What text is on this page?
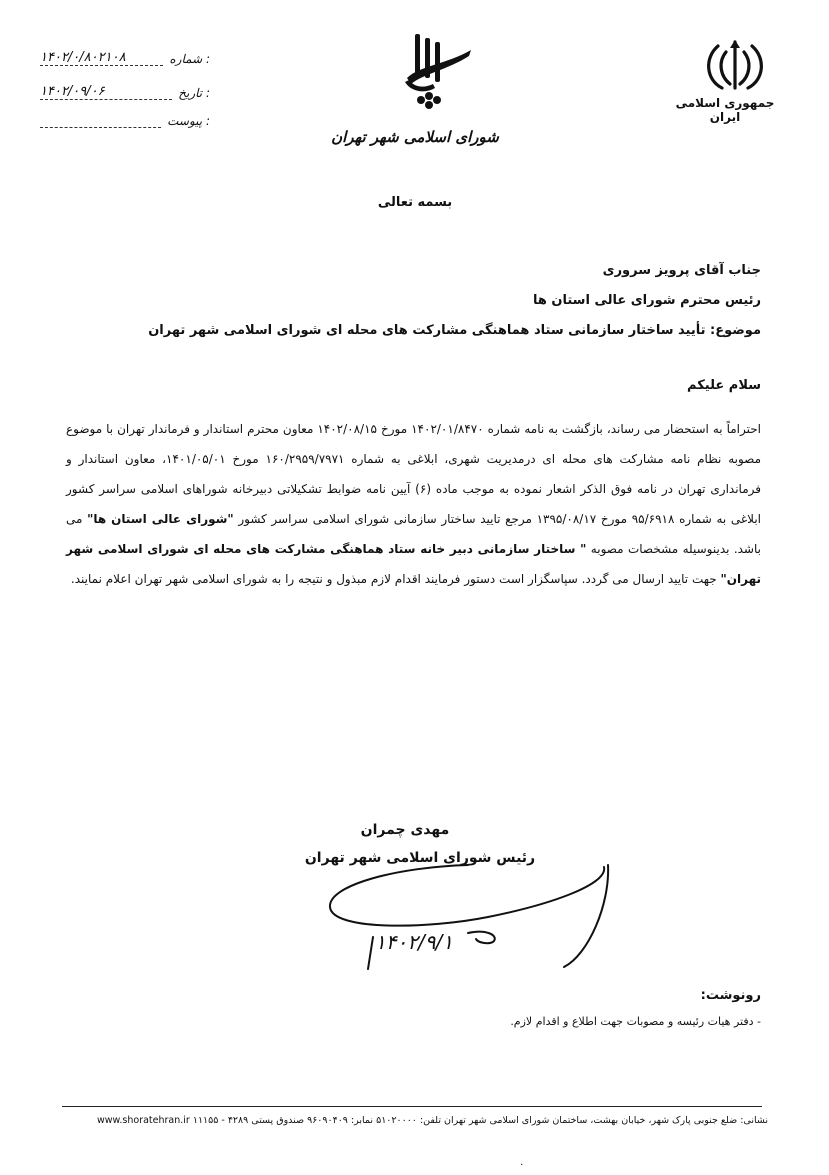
جمهوری اسلامی ایران
شورای اسلامی شهر تهران
شماره :
۱۴۰۲/۰/۸۰۲۱۰۸
تاریخ :
۱۴۰۲/۰۹/۰۶
پیوست :
بسمه تعالی
جناب آقای پرویز سروری
رئیس محترم شورای عالی استان ها
موضوع: تأیید ساختار سازمانی ستاد هماهنگی مشارکت های محله ای شورای اسلامی شهر تهران
سلام علیکم
احتراماً به استحضار می رساند، بازگشت به نامه شماره ۱۴۰۲/۰۱/۸۴۷۰ مورخ ۱۴۰۲/۰۸/۱۵ معاون محترم استاندار و فرماندار تهران با موضوع مصوبه نظام نامه مشارکت های محله ای درمدیریت شهری، ابلاغی به شماره ۱۶۰/۲۹۵۹/۷۹۷۱ مورخ ۱۴۰۱/۰۵/۰۱، معاون استاندار و فرمانداری تهران در نامه فوق الذکر اشعار نموده به موجب ماده (۶) آیین نامه ضوابط تشکیلاتی دبیرخانه شوراهای اسلامی سراسر کشور ابلاغی به شماره ۹۵/۶۹۱۸ مورخ ۱۳۹۵/۰۸/۱۷ مرجع تایید ساختار سازمانی شورای اسلامی سراسر کشور "شورای عالی استان ها" می باشد. بدینوسیله مشخصات مصوبه " ساختار سازمانی دبیر خانه ستاد هماهنگی مشارکت های محله ای شورای اسلامی شهر تهران" جهت تایید ارسال می گردد. سپاسگزار است دستور فرمایند اقدام لازم مبذول و نتیجه را به شورای اسلامی شهر تهران اعلام نمایند.
مهدی چمران
رئیس شورای اسلامی شهر تهران
۱۴۰۲/۹/۱
رونوشت:
- دفتر هیات رئیسه و مصوبات جهت اطلاع و اقدام لازم.
نشانی: ضلع جنوبی پارک شهر، خیابان بهشت، ساختمان شورای اسلامی شهر تهران تلفن: ۵۱۰۲۰۰۰۰ نمابر: ۹۶۰۹۰۴۰۹ صندوق پستی ۴۲۸۹ - ۱۱۱۵۵ www.shoratehran.ir
۰
